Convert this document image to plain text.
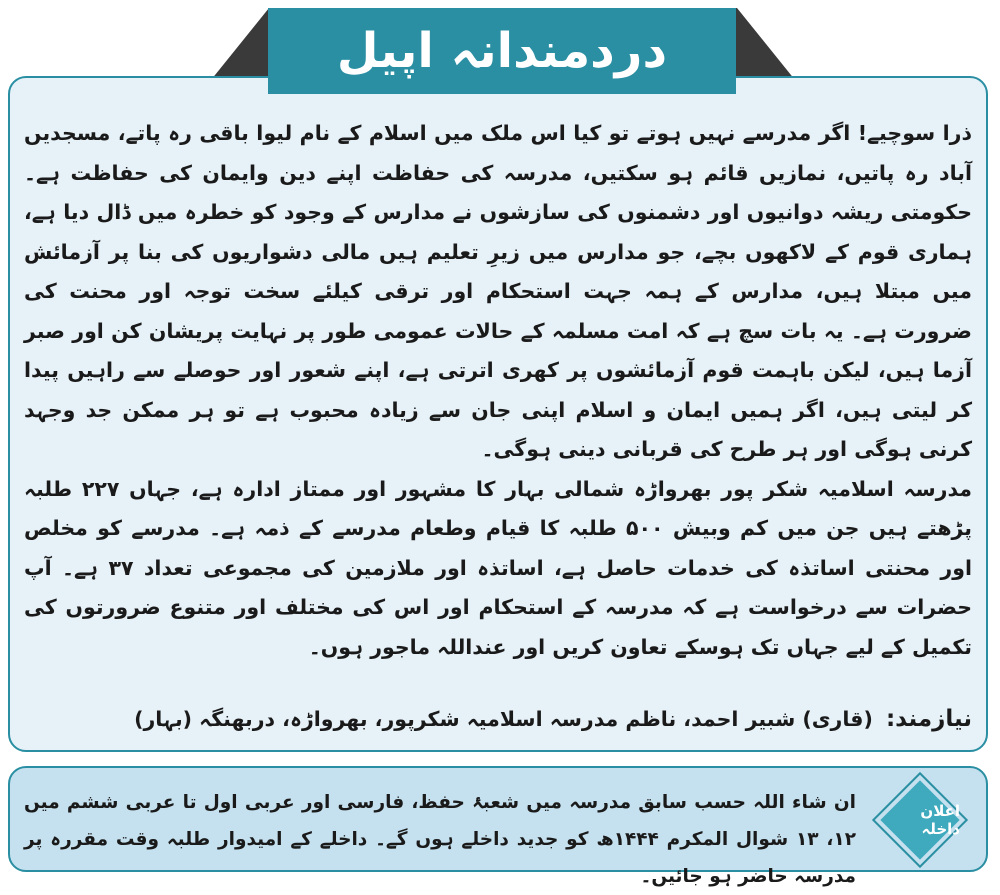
دردمندانہ اپیل

ذرا سوچیے! اگر مدرسے نہیں ہوتے تو کیا اس ملک میں اسلام کے نام لیوا باقی رہ پاتے، مسجدیں آباد رہ پاتیں، نمازیں قائم ہو سکتیں، مدرسہ کی حفاظت اپنے دین وایمان کی حفاظت ہے۔ حکومتی ریشہ دوانیوں اور دشمنوں کی سازشوں نے مدارس کے وجود کو خطرہ میں ڈال دیا ہے، ہماری قوم کے لاکھوں بچے، جو مدارس میں زیرِ تعلیم ہیں مالی دشواریوں کی بنا پر آزمائش میں مبتلا ہیں، مدارس کے ہمہ جہت استحکام اور ترقی کیلئے سخت توجہ اور محنت کی ضرورت ہے۔ یہ بات سچ ہے کہ امت مسلمہ کے حالات عمومی طور پر نہایت پریشان کن اور صبر آزما ہیں، لیکن باہمت قوم آزمائشوں پر کھری اترتی ہے، اپنے شعور اور حوصلے سے راہیں پیدا کر لیتی ہیں، اگر ہمیں ایمان و اسلام اپنی جان سے زیادہ محبوب ہے تو ہر ممکن جد وجہد کرنی ہوگی اور ہر طرح کی قربانی دینی ہوگی۔

مدرسہ اسلامیہ شکر پور بھرواڑہ شمالی بہار کا مشہور اور ممتاز ادارہ ہے، جہاں ۲۲۷ طلبہ پڑھتے ہیں جن میں کم وبیش ۵۰۰ طلبہ کا قیام وطعام مدرسے کے ذمہ ہے۔ مدرسے کو مخلص اور محنتی اساتذہ کی خدمات حاصل ہے، اساتذہ اور ملازمین کی مجموعی تعداد ۳۷ ہے۔ آپ حضرات سے درخواست ہے کہ مدرسہ کے استحکام اور اس کی مختلف اور متنوع ضرورتوں کی تکمیل کے لیے جہاں تک ہوسکے تعاون کریں اور عنداللہ ماجور ہوں۔

نیازمند: (قاری) شبیر احمد، ناظم مدرسہ اسلامیہ شکرپور، بھرواڑہ، دربھنگہ (بہار)
اعلان داخلہ

ان شاء اللہ حسب سابق مدرسہ میں شعبۂ حفظ، فارسی اور عربی اول تا عربی ششم میں ۱۲، ۱۳ شوال المکرم ۱۴۴۴ھ کو جدید داخلے ہوں گے۔ داخلے کے امیدوار طلبہ وقت مقررہ پر مدرسہ حاضر ہو جائیں۔
